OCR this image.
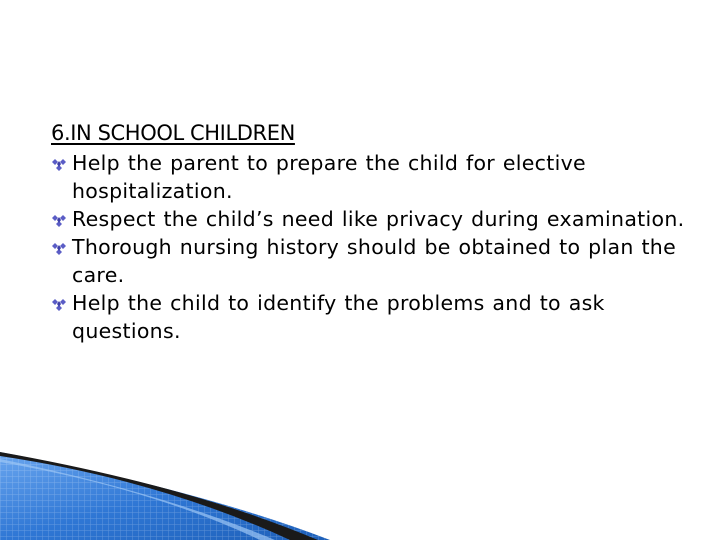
6.IN SCHOOL CHILDREN
Help the parent to prepare the child for elective hospitalization.
Respect the child’s need like privacy during examination.
Thorough nursing history should be obtained to plan the care.
Help the child to identify the problems and to ask questions.
